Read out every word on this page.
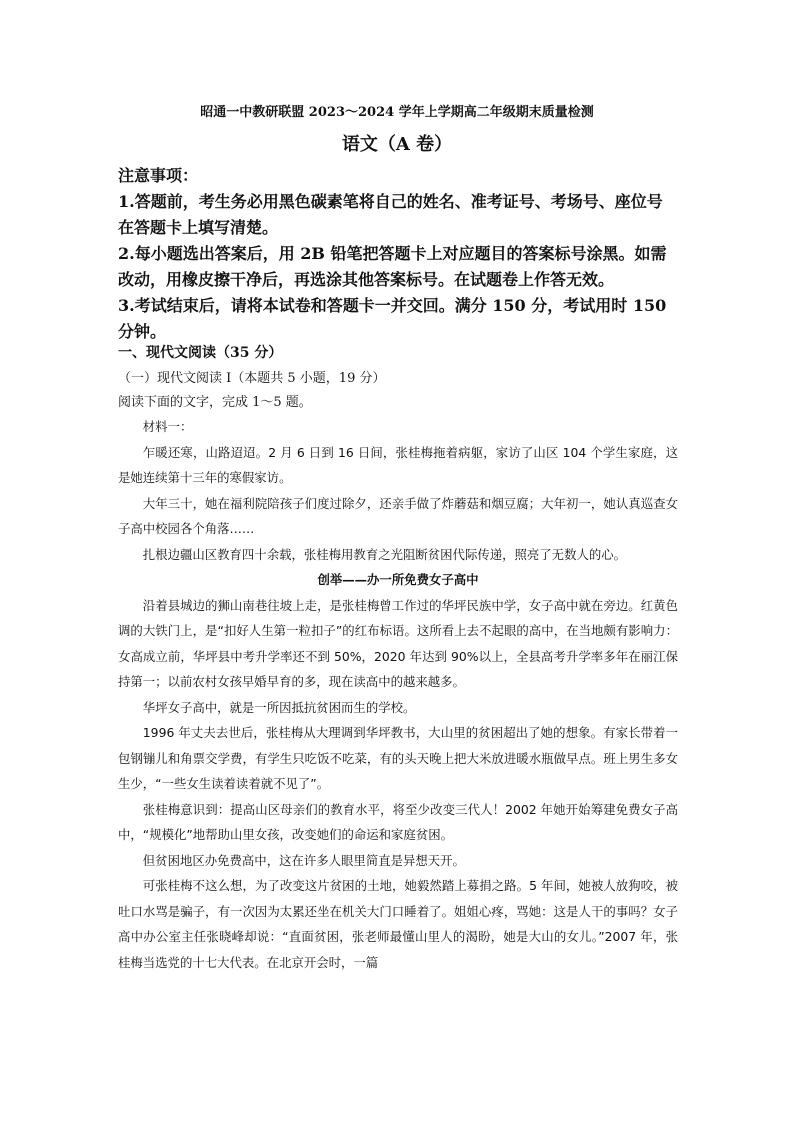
昭通一中教研联盟 2023～2024 学年上学期高二年级期末质量检测
语文（A 卷）
注意事项：
1.答题前，考生务必用黑色碳素笔将自己的姓名、准考证号、考场号、座位号在答题卡上填写清楚。
2.每小题选出答案后，用 2B 铅笔把答题卡上对应题目的答案标号涂黑。如需改动，用橡皮擦干净后，再选涂其他答案标号。在试题卷上作答无效。
3.考试结束后，请将本试卷和答题卡一并交回。满分 150 分，考试用时 150 分钟。
一、现代文阅读（35 分）
（一）现代文阅读 I（本题共 5 小题，19 分）
阅读下面的文字，完成 1～5 题。

材料一：

乍暖还寒，山路迢迢。2 月 6 日到 16 日间，张桂梅拖着病躯，家访了山区 104 个学生家庭，这是她连续第十三年的寒假家访。

大年三十，她在福利院陪孩子们度过除夕，还亲手做了炸蘑菇和烟豆腐；大年初一，她认真巡查女子高中校园各个角落……

扎根边疆山区教育四十余载，张桂梅用教育之光阻断贫困代际传递，照亮了无数人的心。

创举——办一所免费女子高中

沿着县城边的狮山南巷往坡上走，是张桂梅曾工作过的华坪民族中学，女子高中就在旁边。红黄色调的大铁门上，是“扣好人生第一粒扣子”的红布标语。这所看上去不起眼的高中，在当地颇有影响力：女高成立前，华坪县中考升学率还不到 50%，2020 年达到 90%以上，全县高考升学率多年在丽江保持第一；以前农村女孩早婚早育的多，现在读高中的越来越多。

华坪女子高中，就是一所因抵抗贫困而生的学校。

1996 年丈夫去世后，张桂梅从大理调到华坪教书，大山里的贫困超出了她的想象。有家长带着一包钢镚儿和角票交学费，有学生只吃饭不吃菜，有的头天晚上把大米放进暖水瓶做早点。班上男生多女生少，“一些女生读着读着就不见了”。

张桂梅意识到：提高山区母亲们的教育水平，将至少改变三代人！2002 年她开始筹建免费女子高中，“规模化”地帮助山里女孩，改变她们的命运和家庭贫困。

但贫困地区办免费高中，这在许多人眼里简直是异想天开。

可张桂梅不这么想，为了改变这片贫困的土地，她毅然踏上募捐之路。5 年间，她被人放狗咬，被吐口水骂是骗子，有一次因为太累还坐在机关大门口睡着了。姐姐心疼，骂她：这是人干的事吗？女子高中办公室主任张晓峰却说：“直面贫困，张老师最懂山里人的渴盼，她是大山的女儿。”2007 年，张桂梅当选党的十七大代表。在北京开会时，一篇
